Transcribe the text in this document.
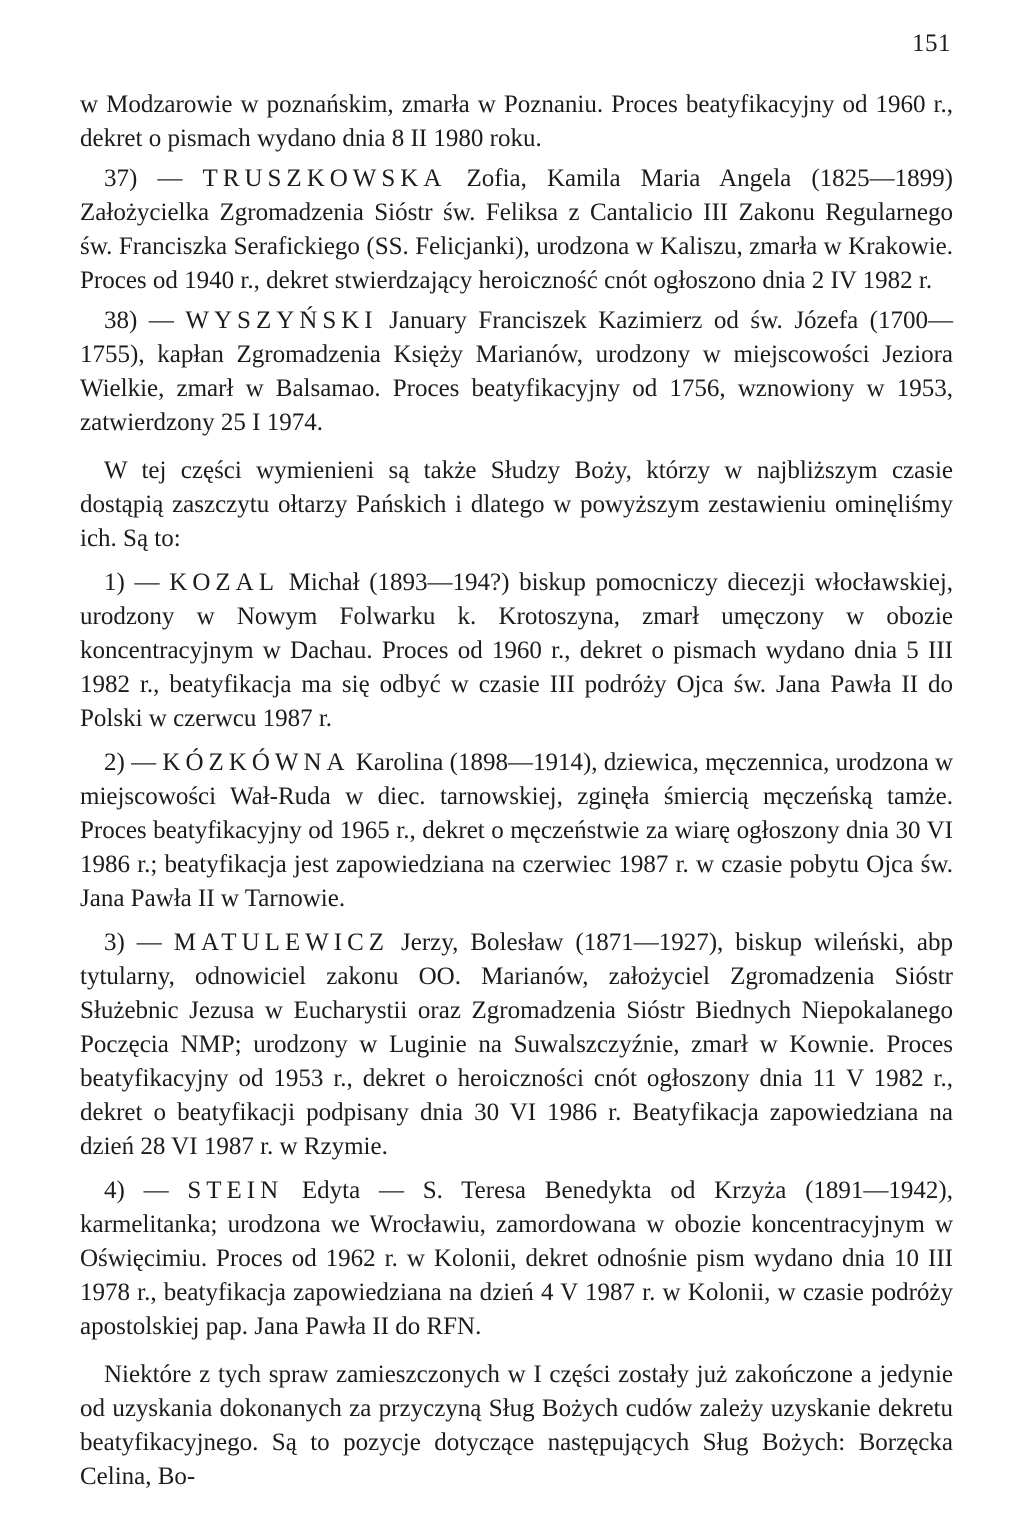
151

w Modzarowie w poznańskim, zmarła w Poznaniu. Proces beatyfikacyjny od 1960 r., dekret o pismach wydano dnia 8 II 1980 roku.

37) — TRUSZKOWSKA Zofia, Kamila Maria Angela (1825—1899) Założycielka Zgromadzenia Sióstr św. Feliksa z Cantalicio III Zakonu Regularnego św. Franciszka Serafickiego (SS. Felicjanki), urodzona w Kaliszu, zmarła w Krakowie. Proces od 1940 r., dekret stwierdzający heroiczność cnót ogłoszono dnia 2 IV 1982 r.

38) — WYSZYŃSKI January Franciszek Kazimierz od św. Józefa (1700—1755), kapłan Zgromadzenia Księży Marianów, urodzony w miejscowości Jeziora Wielkie, zmarł w Balsamao. Proces beatyfikacyjny od 1756, wznowiony w 1953, zatwierdzony 25 I 1974.

W tej części wymienieni są także Słudzy Boży, którzy w najbliższym czasie dostąpią zaszczytu ołtarzy Pańskich i dlatego w powyższym zestawieniu ominęliśmy ich. Są to:

1) — KOZAL Michał (1893—194?) biskup pomocniczy diecezji włocławskiej, urodzony w Nowym Folwarku k. Krotoszyna, zmarł umęczony w obozie koncentracyjnym w Dachau. Proces od 1960 r., dekret o pismach wydano dnia 5 III 1982 r., beatyfikacja ma się odbyć w czasie III podróży Ojca św. Jana Pawła II do Polski w czerwcu 1987 r.

2) — KÓZKÓWNA Karolina (1898—1914), dziewica, męczennica, urodzona w miejscowości Wał-Ruda w diec. tarnowskiej, zginęła śmiercią męczeńską tamże. Proces beatyfikacyjny od 1965 r., dekret o męczeństwie za wiarę ogłoszony dnia 30 VI 1986 r.; beatyfikacja jest zapowiedziana na czerwiec 1987 r. w czasie pobytu Ojca św. Jana Pawła II w Tarnowie.

3) — MATULEWICZ Jerzy, Bolesław (1871—1927), biskup wileński, abp tytularny, odnowiciel zakonu OO. Marianów, założyciel Zgromadzenia Sióstr Służebnic Jezusa w Eucharystii oraz Zgromadzenia Sióstr Biednych Niepokalanego Poczęcia NMP; urodzony w Luginie na Suwalszczyźnie, zmarł w Kownie. Proces beatyfikacyjny od 1953 r., dekret o heroiczności cnót ogłoszony dnia 11 V 1982 r., dekret o beatyfikacji podpisany dnia 30 VI 1986 r. Beatyfikacja zapowiedziana na dzień 28 VI 1987 r. w Rzymie.

4) — STEIN Edyta — S. Teresa Benedykta od Krzyża (1891—1942), karmelitanka; urodzona we Wrocławiu, zamordowana w obozie koncentracyjnym w Oświęcimiu. Proces od 1962 r. w Kolonii, dekret odnośnie pism wydano dnia 10 III 1978 r., beatyfikacja zapowiedziana na dzień 4 V 1987 r. w Kolonii, w czasie podróży apostolskiej pap. Jana Pawła II do RFN.

Niektóre z tych spraw zamieszczonych w I części zostały już zakończone a jedynie od uzyskania dokonanych za przyczyną Sług Bożych cudów zależy uzyskanie dekretu beatyfikacyjnego. Są to pozycje dotyczące następujących Sług Bożych: Borzęcka Celina, Bo-
